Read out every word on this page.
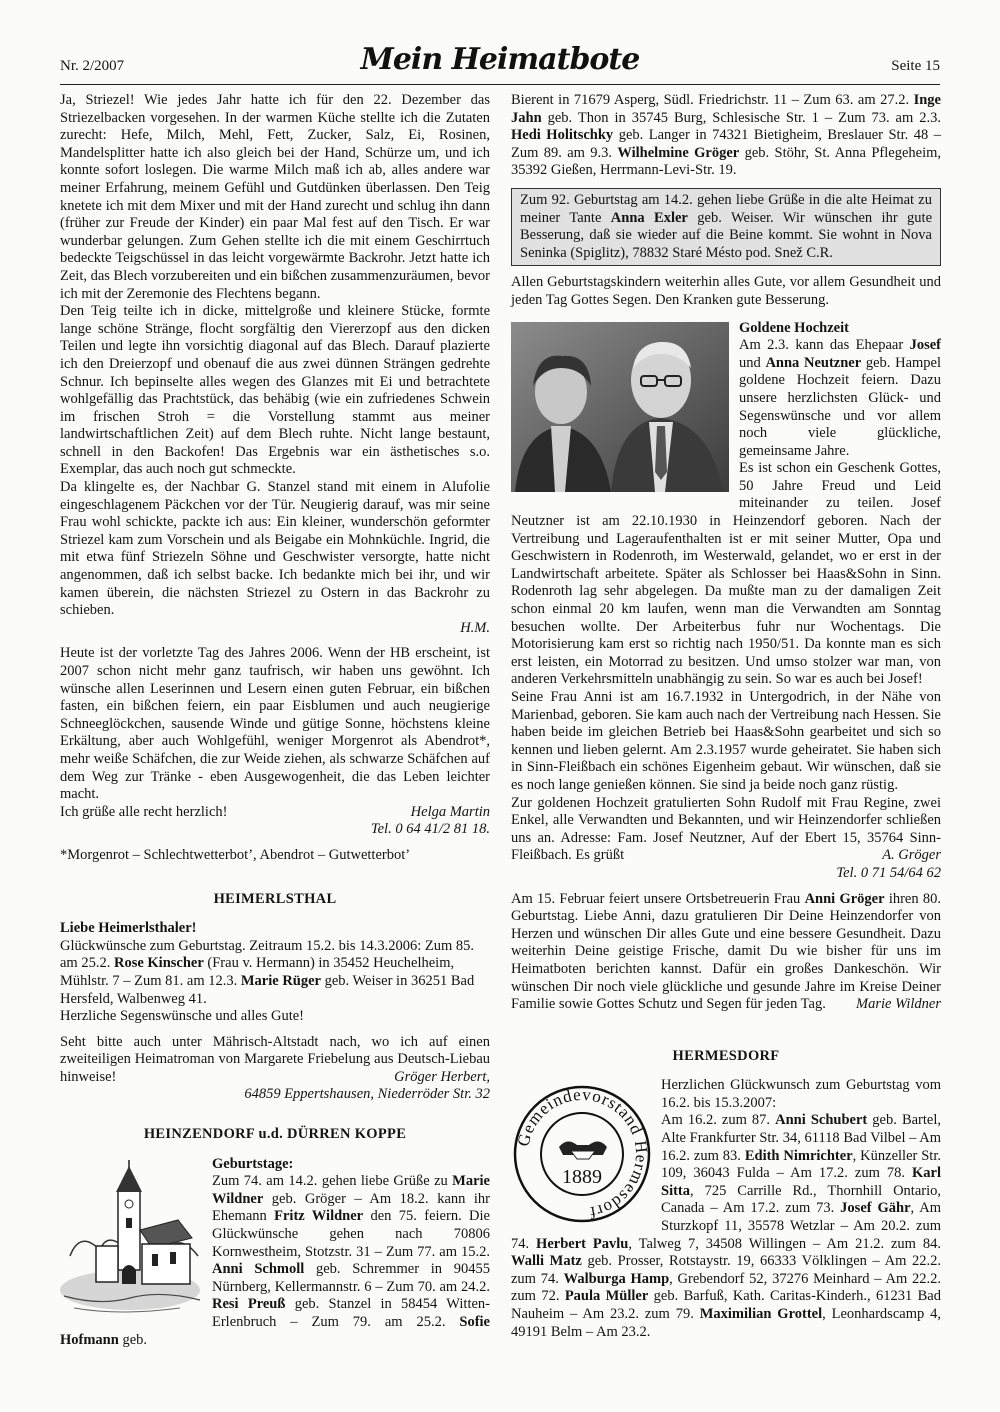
Nr. 2/2007	Mein Heimatbote	Seite 15

Ja, Striezel! Wie jedes Jahr hatte ich für den 22. Dezember das Striezelbacken vorgesehen. In der warmen Küche stellte ich die Zutaten zurecht: Hefe, Milch, Mehl, Fett, Zucker, Salz, Ei, Rosinen, Mandelsplitter hatte ich also gleich bei der Hand, Schürze um, und ich konnte sofort loslegen. Die warme Milch maß ich ab, alles andere war meiner Erfahrung, meinem Gefühl und Gutdünken überlassen. Den Teig knetete ich mit dem Mixer und mit der Hand zurecht und schlug ihn dann (früher zur Freude der Kinder) ein paar Mal fest auf den Tisch. Er war wunderbar gelungen. Zum Gehen stellte ich die mit einem Geschirrtuch bedeckte Teigschüssel in das leicht vorgewärmte Backrohr. Jetzt hatte ich Zeit, das Blech vorzubereiten und ein bißchen zusammenzuräumen, bevor ich mit der Zeremonie des Flechtens begann.

Den Teig teilte ich in dicke, mittelgroße und kleinere Stücke, formte lange schöne Stränge, flocht sorgfältig den Viererzopf aus den dicken Teilen und legte ihn vorsichtig diagonal auf das Blech. Darauf plazierte ich den Dreierzopf und obenauf die aus zwei dünnen Strängen gedrehte Schnur. Ich bepinselte alles wegen des Glanzes mit Ei und betrachtete wohlgefällig das Prachtstück, das behäbig (wie ein zufriedenes Schwein im frischen Stroh = die Vorstellung stammt aus meiner landwirtschaftlichen Zeit) auf dem Blech ruhte. Nicht lange bestaunt, schnell in den Backofen! Das Ergebnis war ein ästhetisches s.o. Exemplar, das auch noch gut schmeckte.

Da klingelte es, der Nachbar G. Stanzel stand mit einem in Alufolie eingeschlagenem Päckchen vor der Tür. Neugierig darauf, was mir seine Frau wohl schickte, packte ich aus: Ein kleiner, wunderschön geformter Striezel kam zum Vorschein und als Beigabe ein Mohnküchle. Ingrid, die mit etwa fünf Striezeln Söhne und Geschwister versorgte, hatte nicht angenommen, daß ich selbst backe. Ich bedankte mich bei ihr, und wir kamen überein, die nächsten Striezel zu Ostern in das Backrohr zu schieben.

H.M.

Heute ist der vorletzte Tag des Jahres 2006. Wenn der HB erscheint, ist 2007 schon nicht mehr ganz taufrisch, wir haben uns gewöhnt. Ich wünsche allen Leserinnen und Lesern einen guten Februar, ein bißchen fasten, ein bißchen feiern, ein paar Eisblumen und auch neugierige Schneeglöckchen, sausende Winde und gütige Sonne, höchstens kleine Erkältung, aber auch Wohlgefühl, weniger Morgenrot als Abendrot*, mehr weiße Schäfchen, die zur Weide ziehen, als schwarze Schäfchen auf dem Weg zur Tränke - eben Ausgewogenheit, die das Leben leichter macht.

Ich grüße alle recht herzlich!	Helga Martin

Tel. 0 64 41/2 81 18.

*Morgenrot – Schlechtwetterbot’, Abendrot – Gutwetterbot’

HEIMERLSTHAL

Liebe Heimerlsthaler!

Glückwünsche zum Geburtstag. Zeitraum 15.2. bis 14.3.2006: Zum 85. am 25.2. Rose Kinscher (Frau v. Hermann) in 35452 Heuchelheim, Mühlstr. 7 – Zum 81. am 12.3. Marie Rüger geb. Weiser in 36251 Bad Hersfeld, Walbenweg 41.

Herzliche Segenswünsche und alles Gute!

Seht bitte auch unter Mährisch-Altstadt nach, wo ich auf einen zweiteiligen Heimatroman von Margarete Friebelung aus Deutsch-Liebau hinweise!	Gröger Herbert,

64859 Eppertshausen, Niederröder Str. 32

HEINZENDORF u.d. DÜRREN KOPPE

Geburtstage:

Zum 74. am 14.2. gehen liebe Grüße zu Marie Wildner geb. Gröger – Am 18.2. kann ihr Ehemann Fritz Wildner den 75. feiern. Die Glückwünsche gehen nach 70806 Kornwestheim, Stotzstr. 31 – Zum 77. am 15.2. Anni Schmoll geb. Schremmer in 90455 Nürnberg, Kellermannstr. 6 – Zum 70. am 24.2. Resi Preuß geb. Stanzel in 58454 Witten-Erlenbruch – Zum 79. am 25.2. Sofie Hofmann geb.

Bierent in 71679 Asperg, Südl. Friedrichstr. 11 – Zum 63. am 27.2. Inge Jahn geb. Thon in 35745 Burg, Schlesische Str. 1 – Zum 73. am 2.3. Hedi Holitschky geb. Langer in 74321 Bietigheim, Breslauer Str. 48 – Zum 89. am 9.3. Wilhelmine Gröger geb. Stöhr, St. Anna Pflegeheim, 35392 Gießen, Herrmann-Levi-Str. 19.

Zum 92. Geburtstag am 14.2. gehen liebe Grüße in die alte Heimat zu meiner Tante Anna Exler geb. Weiser. Wir wünschen ihr gute Besserung, daß sie wieder auf die Beine kommt. Sie wohnt in Nova Seninka (Spiglitz), 78832 Staré Mésto pod. Snež C.R.

Allen Geburtstagskindern weiterhin alles Gute, vor allem Gesundheit und jeden Tag Gottes Segen. Den Kranken gute Besserung.

Goldene Hochzeit

Am 2.3. kann das Ehepaar Josef und Anna Neutzner geb. Hampel goldene Hochzeit feiern. Dazu unsere herzlichsten Glück- und Segenswünsche und vor allem noch viele glückliche, gemeinsame Jahre.

Es ist schon ein Geschenk Gottes, 50 Jahre Freud und Leid miteinander zu teilen. Josef Neutzner ist am 22.10.1930 in Heinzendorf geboren. Nach der Vertreibung und Lageraufenthalten ist er mit seiner Mutter, Opa und Geschwistern in Rodenroth, im Westerwald, gelandet, wo er erst in der Landwirtschaft arbeitete. Später als Schlosser bei Haas&Sohn in Sinn. Rodenroth lag sehr abgelegen. Da mußte man zu der damaligen Zeit schon einmal 20 km laufen, wenn man die Verwandten am Sonntag besuchen wollte. Der Arbeiterbus fuhr nur Wochentags. Die Motorisierung kam erst so richtig nach 1950/51. Da konnte man es sich erst leisten, ein Motorrad zu besitzen. Und umso stolzer war man, von anderen Verkehrsmitteln unabhängig zu sein. So war es auch bei Josef!

Seine Frau Anni ist am 16.7.1932 in Untergodrich, in der Nähe von Marienbad, geboren. Sie kam auch nach der Vertreibung nach Hessen. Sie haben beide im gleichen Betrieb bei Haas&Sohn gearbeitet und sich so kennen und lieben gelernt. Am 2.3.1957 wurde geheiratet. Sie haben sich in Sinn-Fleißbach ein schönes Eigenheim gebaut. Wir wünschen, daß sie es noch lange genießen können. Sie sind ja beide noch ganz rüstig.

Zur goldenen Hochzeit gratulierten Sohn Rudolf mit Frau Regine, zwei Enkel, alle Verwandten und Bekannten, und wir Heinzendorfer schließen uns an. Adresse: Fam. Josef Neutzner, Auf der Ebert 15, 35764 Sinn-Fleißbach. Es grüßt	A. Gröger

Tel. 0 71 54/64 62

Am 15. Februar feiert unsere Ortsbetreuerin Frau Anni Gröger ihren 80. Geburtstag. Liebe Anni, dazu gratulieren Dir Deine Heinzendorfer von Herzen und wünschen Dir alles Gute und eine bessere Gesundheit. Dazu weiterhin Deine geistige Frische, damit Du wie bisher für uns im Heimatboten berichten kannst. Dafür ein großes Dankeschön. Wir wünschen Dir noch viele glückliche und gesunde Jahre im Kreise Deiner Familie sowie Gottes Schutz und Segen für jeden Tag.	Marie Wildner

HERMESDORF
Gemeindevorstand Hermesdorf
1889

Herzlichen Glückwunsch zum Geburtstag vom 16.2. bis 15.3.2007:

Am 16.2. zum 87. Anni Schubert geb. Bartel, Alte Frankfurter Str. 34, 61118 Bad Vilbel – Am 16.2. zum 83. Edith Nimrichter, Künzeller Str. 109, 36043 Fulda – Am 17.2. zum 78. Karl Sitta, 725 Carrille Rd., Thornhill Ontario, Canada – Am 17.2. zum 73. Josef Gähr, Am Sturzkopf 11, 35578 Wetzlar – Am 20.2. zum 74. Herbert Pavlu, Talweg 7, 34508 Willingen – Am 21.2. zum 84. Walli Matz geb. Prosser, Rotstaystr. 19, 66333 Völklingen – Am 22.2. zum 74. Walburga Hamp, Grebendorf 52, 37276 Meinhard – Am 22.2. zum 72. Paula Müller geb. Barfuß, Kath. Caritas-Kinderh., 61231 Bad Nauheim – Am 23.2. zum 79. Maximilian Grottel, Leonhardscamp 4, 49191 Belm – Am 23.2.
